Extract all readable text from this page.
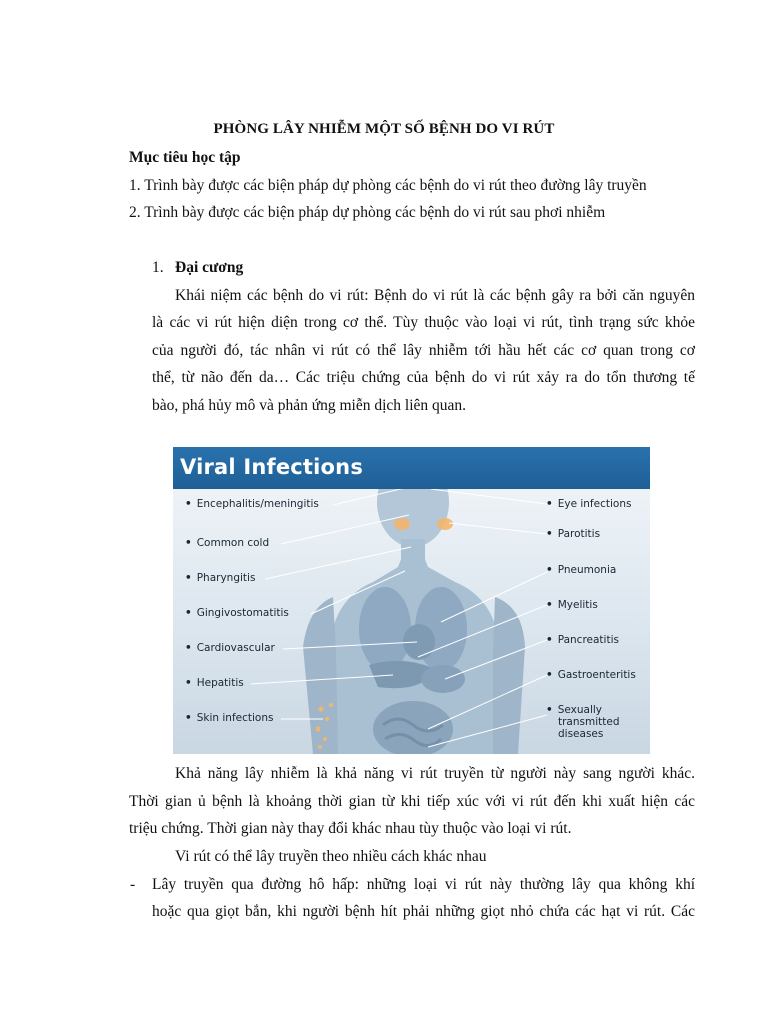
PHÒNG LÂY NHIỄM MỘT SỐ BỆNH DO VI RÚT
Mục tiêu học tập
1. Trình bày được các biện pháp dự phòng các bệnh do vi rút theo đường lây truyền
2. Trình bày được các biện pháp dự phòng các bệnh do vi rút sau phơi nhiễm
1. Đại cương
Khái niệm các bệnh do vi rút: Bệnh do vi rút là các bệnh gây ra bởi căn nguyên
là các vi rút hiện diện trong cơ thể. Tùy thuộc vào loại vi rút, tình trạng sức khỏe
của người đó, tác nhân vi rút có thể lây nhiễm tới hầu hết các cơ quan trong cơ
thể, từ não đến da… Các triệu chứng của bệnh do vi rút xảy ra do tổn thương tế
bào, phá hủy mô và phản ứng miễn dịch liên quan.
Viral Infections
• Encephalitis/meningitis
• Common cold
• Pharyngitis
• Gingivostomatitis
• Cardiovascular
• Hepatitis
• Skin infections
• Eye infections
• Parotitis
• Pneumonia
• Myelitis
• Pancreatitis
• Gastroenteritis
• Sexually
transmitted
diseases
Khả năng lây nhiễm là khả năng vi rút truyền từ người này sang người khác.
Thời gian ủ bệnh là khoảng thời gian từ khi tiếp xúc với vi rút đến khi xuất hiện các
triệu chứng. Thời gian này thay đổi khác nhau tùy thuộc vào loại vi rút.
Vi rút có thể lây truyền theo nhiều cách khác nhau
- Lây truyền qua đường hô hấp: những loại vi rút này thường lây qua không khí
hoặc qua giọt bắn, khi người bệnh hít phải những giọt nhỏ chứa các hạt vi rút. Các
